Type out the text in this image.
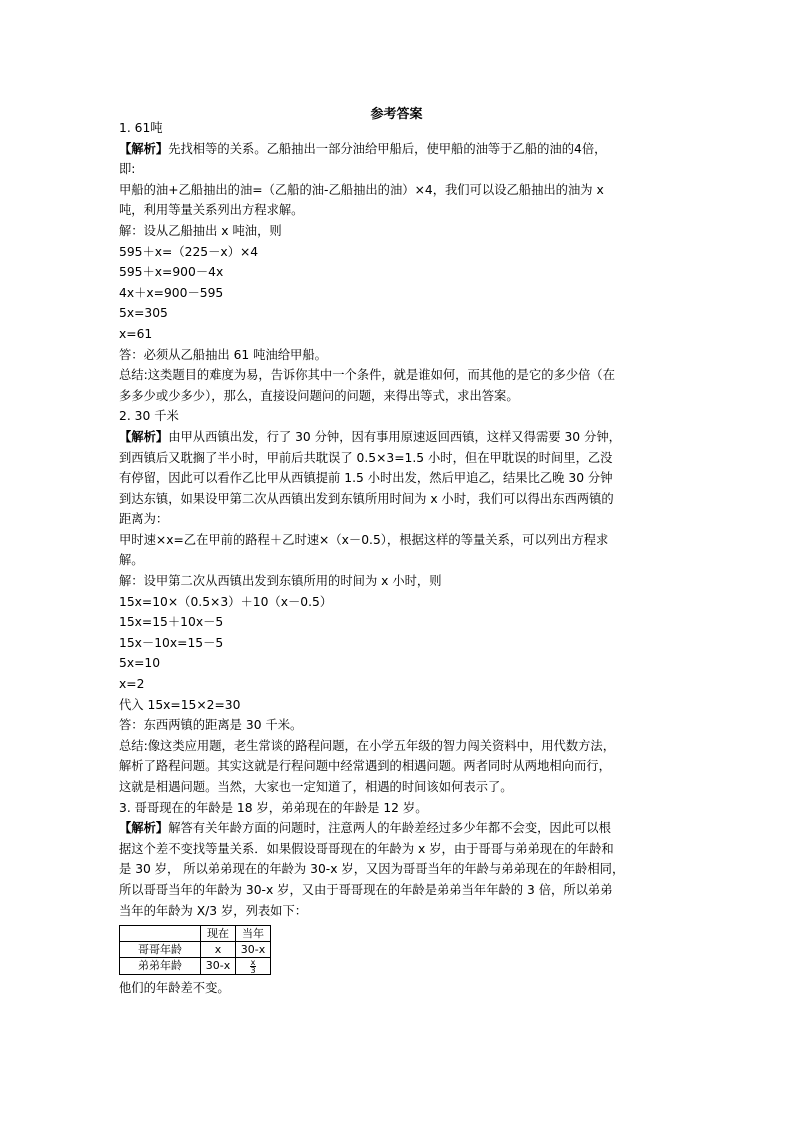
参考答案

1. 61吨

【解析】先找相等的关系。乙船抽出一部分油给甲船后，使甲船的油等于乙船的油的4倍，

即:

甲船的油+乙船抽出的油=（乙船的油-乙船抽出的油）×4，我们可以设乙船抽出的油为 x

吨，利用等量关系列出方程求解。

解：设从乙船抽出 x 吨油，则

595＋x=（225－x）×4

595＋x=900－4x

4x＋x=900－595

5x=305

x=61

答：必须从乙船抽出 61 吨油给甲船。

总结:这类题目的难度为易，告诉你其中一个条件，就是谁如何，而其他的是它的多少倍（在

多多少或少多少），那么，直接设问题问的问题，来得出等式，求出答案。

2. 30 千米

【解析】由甲从西镇出发，行了 30 分钟，因有事用原速返回西镇，这样又得需要 30 分钟，

到西镇后又耽搁了半小时，甲前后共耽误了 0.5×3=1.5 小时，但在甲耽误的时间里，乙没

有停留，因此可以看作乙比甲从西镇提前 1.5 小时出发，然后甲追乙，结果比乙晚 30 分钟

到达东镇，如果设甲第二次从西镇出发到东镇所用时间为 x 小时，我们可以得出东西两镇的

距离为：

甲时速×x=乙在甲前的路程＋乙时速×（x－0.5），根据这样的等量关系，可以列出方程求

解。

解：设甲第二次从西镇出发到东镇所用的时间为 x 小时，则

15x=10×（0.5×3）＋10（x－0.5）

15x=15＋10x－5

15x－10x=15－5

5x=10

x=2

代入 15x=15×2=30

答：东西两镇的距离是 30 千米。

总结:像这类应用题，老生常谈的路程问题，在小学五年级的智力闯关资料中，用代数方法，

解析了路程问题。其实这就是行程问题中经常遇到的相遇问题。两者同时从两地相向而行，

这就是相遇问题。当然，大家也一定知道了，相遇的时间该如何表示了。

3. 哥哥现在的年龄是 18 岁，弟弟现在的年龄是 12 岁。

【解析】解答有关年龄方面的问题时，注意两人的年龄差经过多少年都不会变，因此可以根

据这个差不变找等量关系．如果假设哥哥现在的年龄为 x 岁，由于哥哥与弟弟现在的年龄和

是 30 岁， 所以弟弟现在的年龄为 30-x 岁，又因为哥哥当年的年龄与弟弟现在的年龄相同，

所以哥哥当年的年龄为 30-x 岁，又由于哥哥现在的年龄是弟弟当年年龄的 3 倍，所以弟弟

当年的年龄为 X/3 岁，列表如下：

	现在	当年
哥哥年龄	x	30-x
弟弟年龄	30-x	$\frac{x}{3}$

他们的年龄差不变。
